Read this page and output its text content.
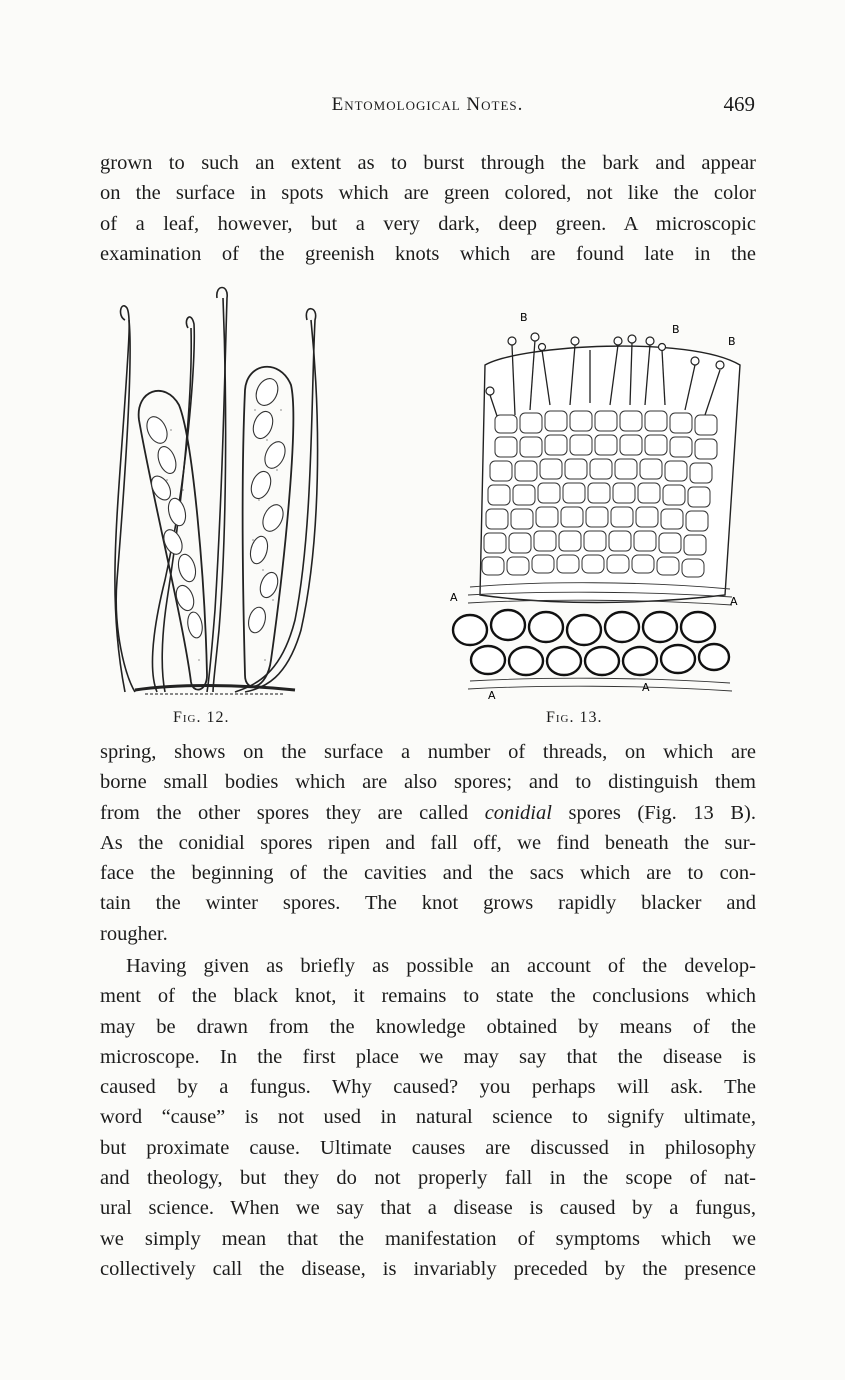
Entomological Notes.	469
grown to such an extent as to burst through the bark and appear
on the surface in spots which are green colored, not like the color
of a leaf, however, but a very dark, deep green. A microscopic
examination of the greenish knots which are found late in the
Fig. 12.
B
B
B
A	A
A
A
Fig. 13.
spring, shows on the surface a number of threads, on which are
borne small bodies which are also spores; and to distinguish them
from the other spores they are called conidial spores (Fig. 13 B).
As the conidial spores ripen and fall off, we find beneath the sur-
face the beginning of the cavities and the sacs which are to con-
tain the winter spores. The knot grows rapidly blacker and
rougher.
Having given as briefly as possible an account of the develop-
ment of the black knot, it remains to state the conclusions which
may be drawn from the knowledge obtained by means of the
microscope. In the first place we may say that the disease is
caused by a fungus. Why caused? you perhaps will ask. The
word “cause” is not used in natural science to signify ultimate,
but proximate cause. Ultimate causes are discussed in philosophy
and theology, but they do not properly fall in the scope of nat-
ural science. When we say that a disease is caused by a fungus,
we simply mean that the manifestation of symptoms which we
collectively call the disease, is invariably preceded by the presence
